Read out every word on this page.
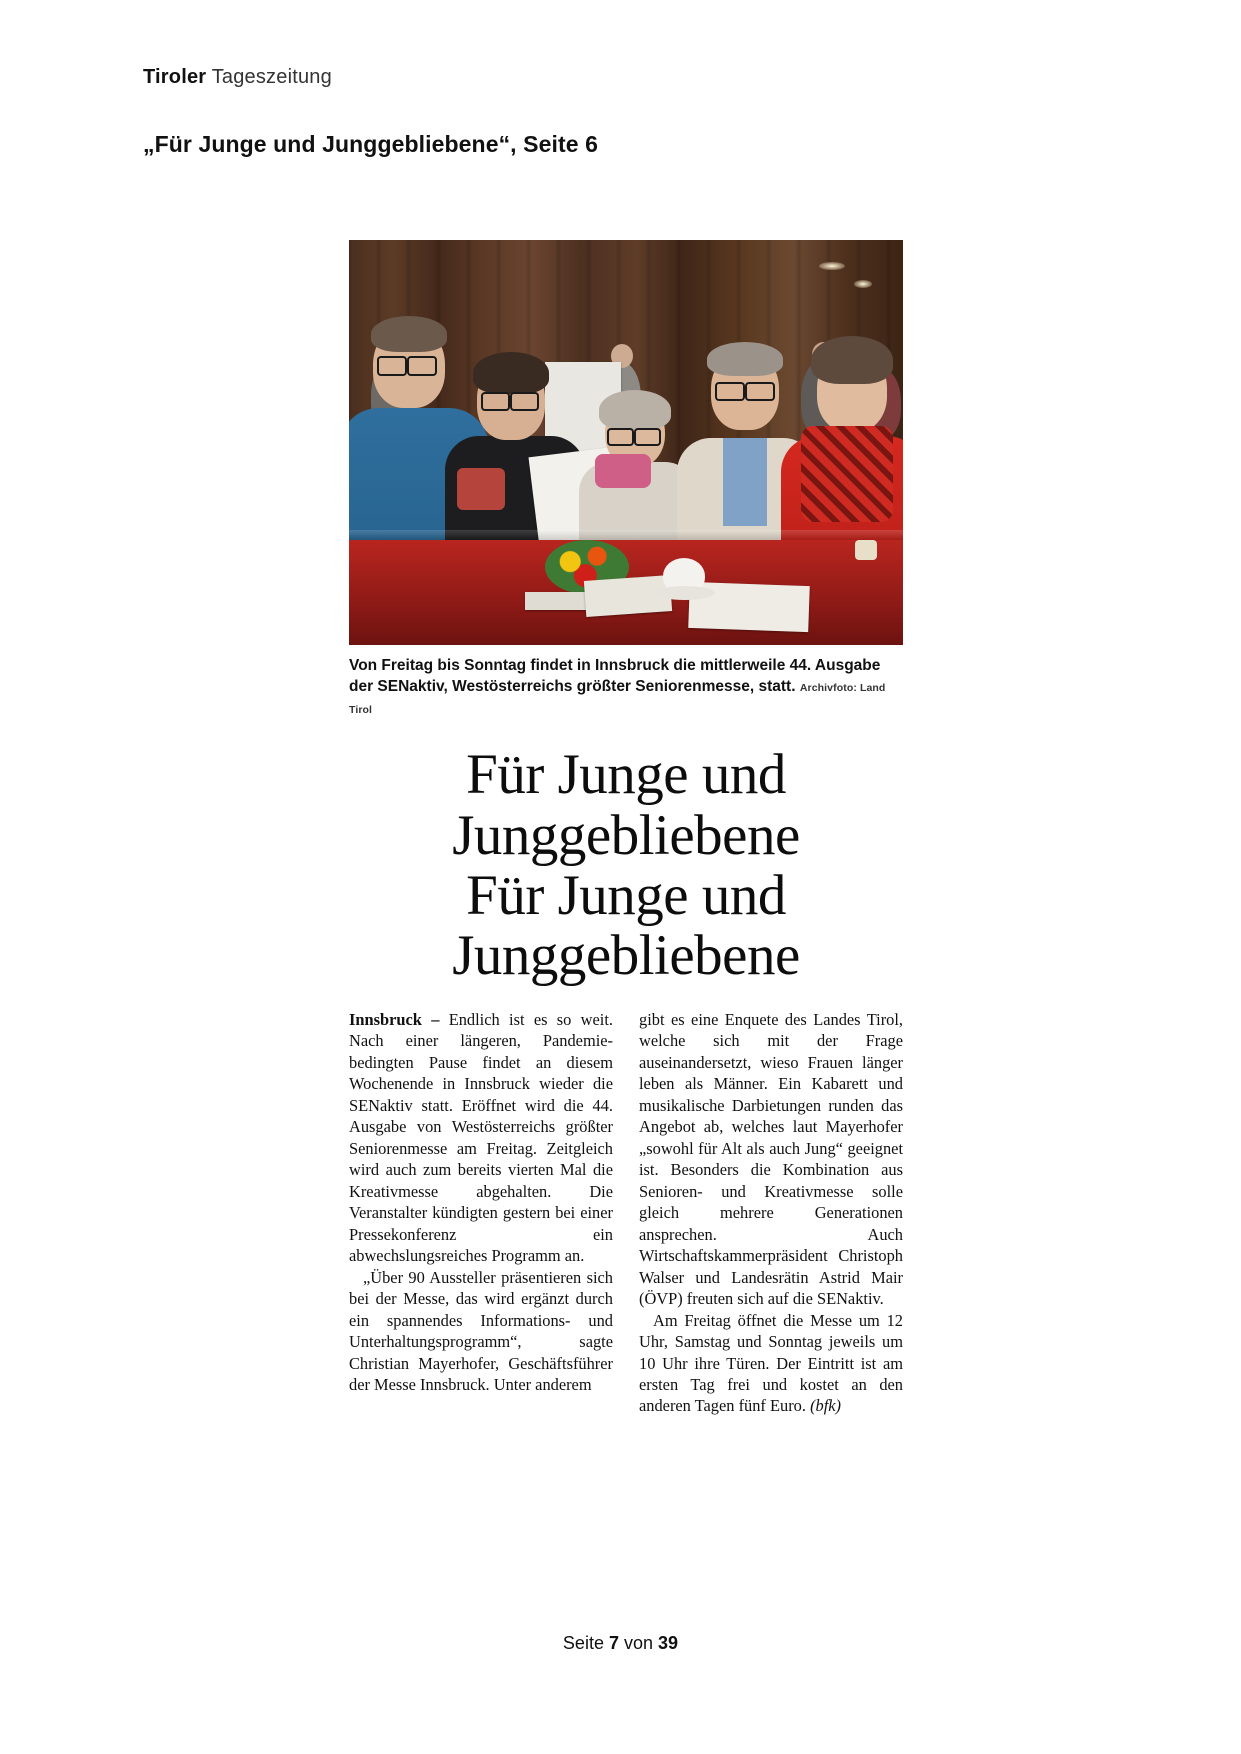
Tiroler Tageszeitung
„Für Junge und Junggebliebene“, Seite 6
Von Freitag bis Sonntag findet in Innsbruck die mittlerweile 44. Ausgabe der SENaktiv, Westösterreichs größter Seniorenmesse, statt. Archivfoto: Land Tirol
Für Junge und
Junggebliebene
Für Junge und
Junggebliebene

Innsbruck – Endlich ist es so weit. Nach einer längeren, Pandemie-bedingten Pause findet an diesem Wochenende in Innsbruck wieder die SENaktiv statt. Eröffnet wird die 44. Ausgabe von Westösterreichs größter Seniorenmesse am Freitag. Zeitgleich wird auch zum bereits vierten Mal die Kreativmesse abgehalten. Die Veranstalter kündigten gestern bei einer Pressekonferenz ein abwechslungsreiches Programm an.

„Über 90 Aussteller präsentieren sich bei der Messe, das wird ergänzt durch ein spannendes Informations- und Unterhaltungsprogramm“, sagte Christian Mayerhofer, Geschäftsführer der Messe Innsbruck. Unter anderem

gibt es eine Enquete des Landes Tirol, welche sich mit der Frage auseinandersetzt, wieso Frauen länger leben als Männer. Ein Kabarett und musikalische Darbietungen runden das Angebot ab, welches laut Mayerhofer „sowohl für Alt als auch Jung“ geeignet ist. Besonders die Kombination aus Senioren- und Kreativmesse solle gleich mehrere Generationen ansprechen. Auch Wirtschaftskammerpräsident Christoph Walser und Landesrätin Astrid Mair (ÖVP) freuten sich auf die SENaktiv.

Am Freitag öffnet die Messe um 12 Uhr, Samstag und Sonntag jeweils um 10 Uhr ihre Türen. Der Eintritt ist am ersten Tag frei und kostet an den anderen Tagen fünf Euro. (bfk)

Seite 7 von 39
